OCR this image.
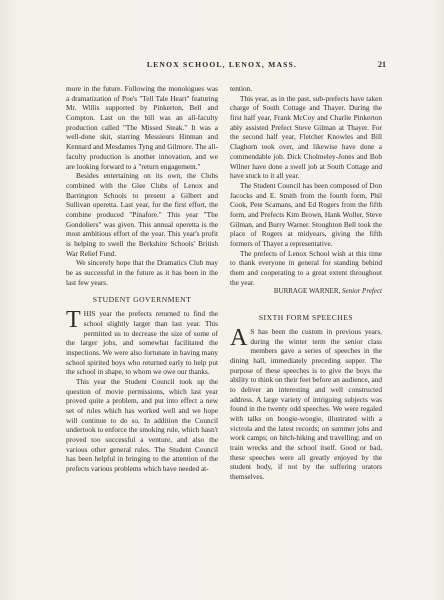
LENOX SCHOOL, LENOX, MASS.	21

more in the future. Following the monologues was a dramatization of Poe's "Tell Tale Heart" featuring Mr. Willis supported by Pinkerton, Bell and Compton. Last on the bill was an all-faculty production called "The Missed Steak." It was a well-done skit, starring Messieurs Hinman and Kennard and Mesdames Tyng and Gilmore. The all-faculty production is another innovation, and we are looking forward to a "return engagement."

Besides entertaining on its own, the Clubs combined with the Glee Clubs of Lenox and Barrington Schools to present a Gilbert and Sullivan operetta. Last year, for the first effort, the combine produced "Pinafore." This year "The Gondoliers" was given. This annual operetta is the most ambitious effort of the year. This year's profit is helping to swell the Berkshire Schools' British War Relief Fund.

We sincerely hope that the Dramatics Club may be as successful in the future as it has been in the last few years.

STUDENT GOVERNMENT

THIS year the prefects returned to find the school slightly larger than last year. This permitted us to decrease the size of some of the larger jobs, and somewhat facilitated the inspections. We were also fortunate in having many school spirited boys who returned early to help put the school in shape, to whom we owe our thanks.

This year the Student Council took up the question of movie permissions, which last year proved quite a problem, and put into effect a new set of rules which has worked well and we hope will continue to do so. In addition the Council undertook to enforce the smoking rule, which hasn't proved too successful a venture, and also the various other general rules. The Student Council has been helpful in bringing to the attention of the prefects various problems which have needed at-

tention.

This year, as in the past, sub-prefects have taken charge of South Cottage and Thayer. During the first half year, Frank McCoy and Charlie Pinkerton ably assisted Prefect Steve Gilman at Thayer. For the second half year, Fletcher Knowles and Bill Claghorn took over, and likewise have done a commendable job. Dick Cholmeley-Jones and Bob Wilner have done a swell job at South Cottage and have stuck to it all year.

The Student Council has been composed of Don Jacocks and E. Smith from the fourth form, Phil Cook, Pete Scamans, and Ed Rogers from the fifth form, and Prefects Kim Brown, Hank Woller, Steve Gilman, and Burry Warner. Stoughton Bell took the place of Rogers at midyears, giving the fifth formers of Thayer a representative.

The prefects of Lenox School wish at this time to thank everyone in general for standing behind them and cooperating to a great extent throughout the year.

BURRAGE WARNER, Senior Prefect
SIXTH FORM SPEECHES

A S has been the custom in previous years, during the winter term the senior class members gave a series of speeches in the dining hall, immediately preceding supper. The purpose of these speeches is to give the boys the ability to think on their feet before an audience, and to deliver an interesting and well constructed address. A large variety of intriguing subjects was found in the twenty odd speeches. We were regaled with talks on boogie-woogie, illustrated with a victrola and the latest records; on summer jobs and work camps; on hitch-hiking and travelling; and on train wrecks and the school itself. Good or bad, these speeches were all greatly enjoyed by the student body, if not by the suffering orators themselves.
